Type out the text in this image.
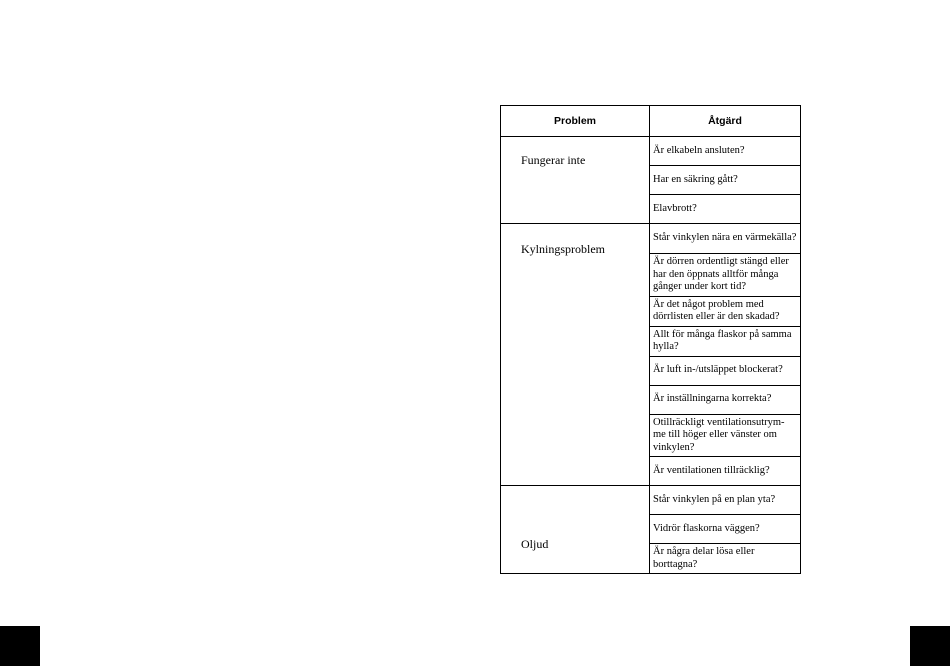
Problem	Åtgärd
Fungerar inte	Är elkabeln ansluten?
	Har en säkring gått?
	Elavbrott?
Kylningsproblem	Står vinkylen nära en värmekälla?
	Är dörren ordentligt stängd eller har den öppnats alltför många gånger under kort tid?
	Är det något problem med dörrlisten eller är den skadad?
	Allt för många flaskor på samma hylla?
	Är luft in-/utsläppet blockerat?
	Är inställningarna korrekta?
	Otillräckligt ventilationsutrym-me till höger eller vänster om vinkylen?
	Är ventilationen tillräcklig?
Oljud	Står vinkylen på en plan yta?
	Vidrör flaskorna väggen?
	Är några delar lösa eller borttagna?
